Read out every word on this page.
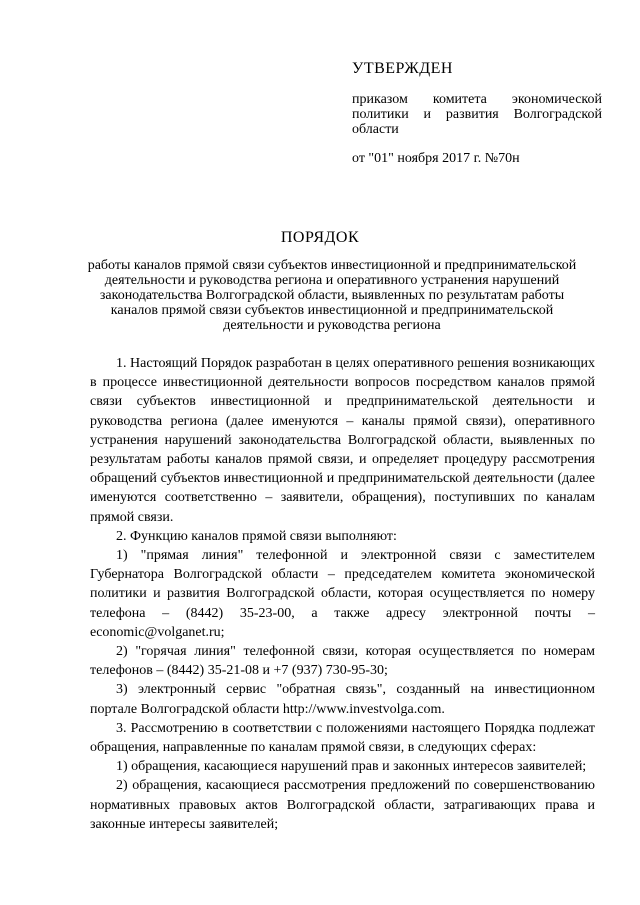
УТВЕРЖДЕН
приказом комитета экономической политики и развития Волгоградской области
от "01" ноября 2017 г. №70н
ПОРЯДОК
работы каналов прямой связи субъектов инвестиционной и предпринимательской деятельности и руководства региона и оперативного устранения нарушений законодательства Волгоградской области, выявленных по результатам работы каналов прямой связи субъектов инвестиционной и предпринимательской деятельности и руководства региона

1. Настоящий Порядок разработан в целях оперативного решения возникающих в процессе инвестиционной деятельности вопросов посредством каналов прямой связи субъектов инвестиционной и предпринимательской деятельности и руководства региона (далее именуются – каналы прямой связи), оперативного устранения нарушений законодательства Волгоградской области, выявленных по результатам работы каналов прямой связи, и определяет процедуру рассмотрения обращений субъектов инвестиционной и предпринимательской деятельности (далее именуются соответственно – заявители, обращения), поступивших по каналам прямой связи.

2. Функцию каналов прямой связи выполняют:

1) "прямая линия" телефонной и электронной связи с заместителем Губернатора Волгоградской области – председателем комитета экономической политики и развития Волгоградской области, которая осуществляется по номеру телефона – (8442) 35-23-00, а также адресу электронной почты – economic@volganet.ru;

2) "горячая линия" телефонной связи, которая осуществляется по номерам телефонов – (8442) 35-21-08 и +7 (937) 730-95-30;

3) электронный сервис "обратная связь", созданный на инвестиционном портале Волгоградской области http://www.investvolga.com.

3. Рассмотрению в соответствии с положениями настоящего Порядка подлежат обращения, направленные по каналам прямой связи, в следующих сферах:

1) обращения, касающиеся нарушений прав и законных интересов заявителей;

2) обращения, касающиеся рассмотрения предложений по совершенствованию нормативных правовых актов Волгоградской области, затрагивающих права и законные интересы заявителей;
